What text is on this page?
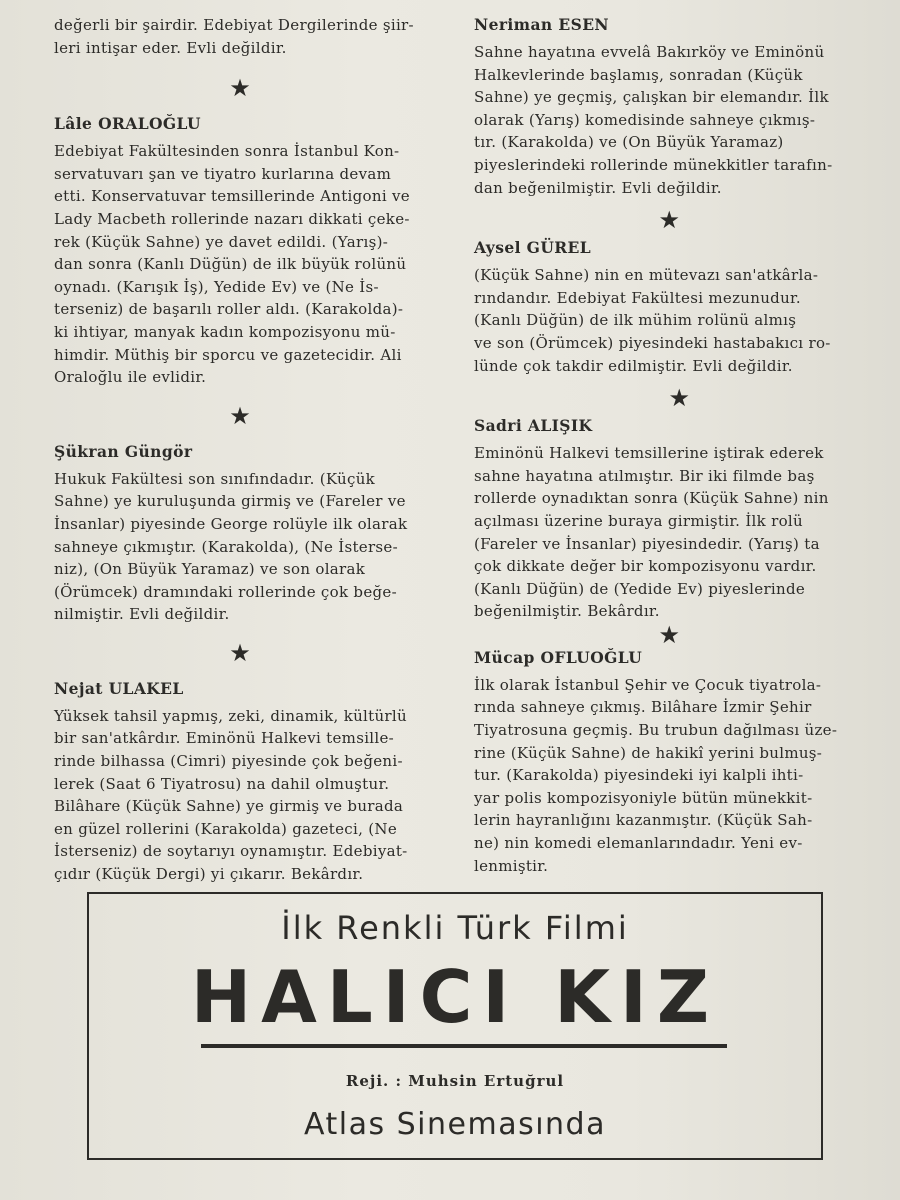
değerli bir şairdir. Edebiyat Dergilerinde şiir-
leri intişar eder. Evli değildir.

★
Lâle ORALOĞLU

Edebiyat Fakültesinden sonra İstanbul Kon-
servatuvarı şan ve tiyatro kurlarına devam
etti. Konservatuvar temsillerinde Antigoni ve
Lady Macbeth rollerinde nazarı dikkati çeke-
rek (Küçük Sahne) ye davet edildi. (Yarış)-
dan sonra (Kanlı Düğün) de ilk büyük rolünü
oynadı. (Karışık İş), Yedide Ev) ve (Ne İs-
terseniz) de başarılı roller aldı. (Karakolda)-
ki ihtiyar, manyak kadın kompozisyonu mü-
himdir. Müthiş bir sporcu ve gazetecidir. Ali
Oraloğlu ile evlidir.

★
Şükran Güngör

Hukuk Fakültesi son sınıfındadır. (Küçük
Sahne) ye kuruluşunda girmiş ve (Fareler ve
İnsanlar) piyesinde George rolüyle ilk olarak
sahneye çıkmıştır. (Karakolda), (Ne İsterse-
niz), (On Büyük Yaramaz) ve son olarak
(Örümcek) dramındaki rollerinde çok beğe-
nilmiştir. Evli değildir.

★
Nejat ULAKEL

Yüksek tahsil yapmış, zeki, dinamik, kültürlü
bir san'atkârdır. Eminönü Halkevi temsille-
rinde bilhassa (Cimri) piyesinde çok beğeni-
lerek (Saat 6 Tiyatrosu) na dahil olmuştur.
Bilâhare (Küçük Sahne) ye girmiş ve burada
en güzel rollerini (Karakolda) gazeteci, (Ne
İsterseniz) de soytarıyı oynamıştır. Edebiyat-
çıdır (Küçük Dergi) yi çıkarır. Bekârdır.

Neriman ESEN

Sahne hayatına evvelâ Bakırköy ve Eminönü
Halkevlerinde başlamış, sonradan (Küçük
Sahne) ye geçmiş, çalışkan bir elemandır. İlk
olarak (Yarış) komedisinde sahneye çıkmış-
tır. (Karakolda) ve (On Büyük Yaramaz)
piyeslerindeki rollerinde münekkitler tarafın-
dan beğenilmiştir. Evli değildir.

★
Aysel GÜREL

(Küçük Sahne) nin en mütevazı san'atkârla-
rındandır. Edebiyat Fakültesi mezunudur.
(Kanlı Düğün) de ilk mühim rolünü almış
ve son (Örümcek) piyesindeki hastabakıcı ro-
lünde çok takdir edilmiştir. Evli değildir.

★
Sadri ALIŞIK

Eminönü Halkevi temsillerine iştirak ederek
sahne hayatına atılmıştır. Bir iki filmde baş
rollerde oynadıktan sonra (Küçük Sahne) nin
açılması üzerine buraya girmiştir. İlk rolü
(Fareler ve İnsanlar) piyesindedir. (Yarış) ta
çok dikkate değer bir kompozisyonu vardır.
(Kanlı Düğün) de (Yedide Ev) piyeslerinde
beğenilmiştir. Bekârdır.

★
Mücap OFLUOĞLU

İlk olarak İstanbul Şehir ve Çocuk tiyatrola-
rında sahneye çıkmış. Bilâhare İzmir Şehir
Tiyatrosuna geçmiş. Bu trubun dağılması üze-
rine (Küçük Sahne) de hakikî yerini bulmuş-
tur. (Karakolda) piyesindeki iyi kalpli ihti-
yar polis kompozisyoniyle bütün münekkit-
lerin hayranlığını kazanmıştır. (Küçük Sah-
ne) nin komedi elemanlarındadır. Yeni ev-
lenmiştir.

İlk Renkli Türk Filmi
HALICI KIZ
Reji. : Muhsin Ertuğrul
Atlas Sinemasında
